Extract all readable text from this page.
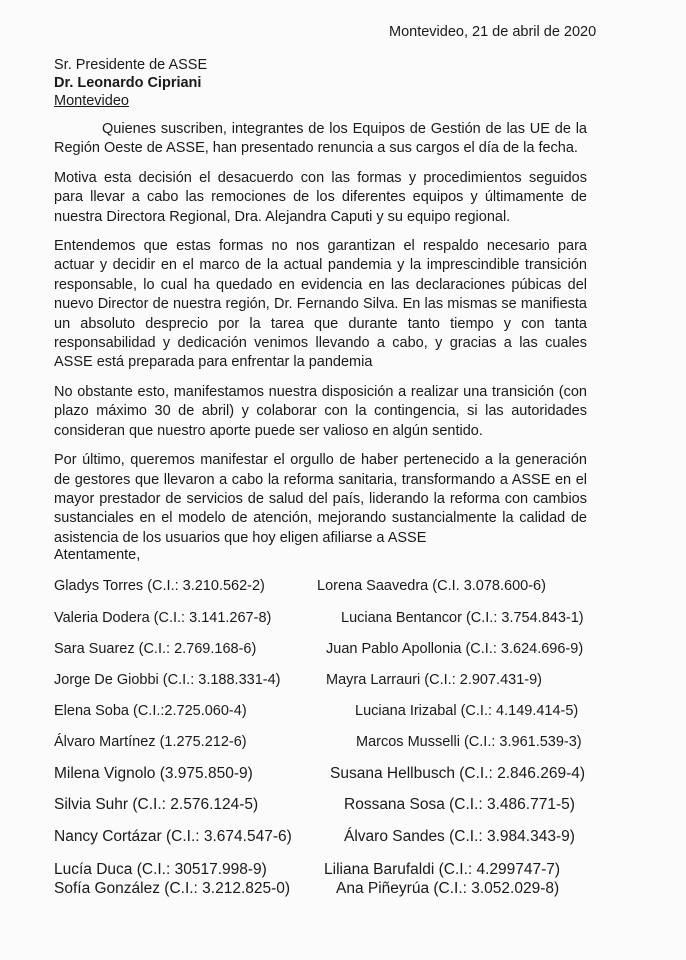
Montevideo, 21 de abril de 2020
Sr. Presidente de ASSE
Dr. Leonardo Cipriani
Montevideo

Quienes suscriben, integrantes de los Equipos de Gestión de las UE de la Región Oeste de ASSE, han presentado renuncia a sus cargos el día de la fecha.

Motiva esta decisión el desacuerdo con las formas y procedimientos seguidos para llevar a cabo las remociones de los diferentes equipos y últimamente de nuestra Directora Regional, Dra. Alejandra Caputi y su equipo regional.

Entendemos que estas formas no nos garantizan el respaldo necesario para actuar y decidir en el marco de la actual pandemia y la imprescindible transición responsable, lo cual ha quedado en evidencia en las declaraciones púbicas del nuevo Director de nuestra región, Dr. Fernando Silva. En las mismas se manifiesta un absoluto desprecio por la tarea que durante tanto tiempo y con tanta responsabilidad y dedicación venimos llevando a cabo, y gracias a las cuales ASSE está preparada para enfrentar la pandemia

No obstante esto, manifestamos nuestra disposición a realizar una transición (con plazo máximo 30 de abril) y colaborar con la contingencia, si las autoridades consideran que nuestro aporte puede ser valioso en algún sentido.

Por último, queremos manifestar el orgullo de haber pertenecido a la generación de gestores que llevaron a cabo la reforma sanitaria, transformando a ASSE en el mayor prestador de servicios de salud del país, liderando la reforma con cambios sustanciales en el modelo de atención, mejorando sustancialmente la calidad de asistencia de los usuarios que hoy eligen afiliarse a ASSE

Atentamente,
Gladys Torres (C.I.: 3.210.562-2)
Valeria Dodera (C.I.: 3.141.267-8)
Sara Suarez (C.I.: 2.769.168-6)
Jorge De Giobbi (C.I.: 3.188.331-4)
Elena Soba (C.I.:2.725.060-4)
Álvaro Martínez (1.275.212-6)
Milena Vignolo (3.975.850-9)
Silvia Suhr (C.I.: 2.576.124-5)
Nancy Cortázar (C.I.: 3.674.547-6)
Lucía Duca (C.I.: 30517.998-9)
Sofía González (C.I.: 3.212.825-0)
Lorena Saavedra (C.I. 3.078.600-6)
Luciana Bentancor (C.I.: 3.754.843-1)
Juan Pablo Apollonia (C.I.: 3.624.696-9)
Mayra Larrauri (C.I.: 2.907.431-9)
Luciana Irizabal (C.I.: 4.149.414-5)
Marcos Musselli (C.I.: 3.961.539-3)
Susana Hellbusch (C.I.: 2.846.269-4)
Rossana Sosa (C.I.: 3.486.771-5)
Álvaro Sandes (C.I.: 3.984.343-9)
Liliana Barufaldi (C.I.: 4.299747-7)
Ana Piñeyrúa (C.I.: 3.052.029-8)
